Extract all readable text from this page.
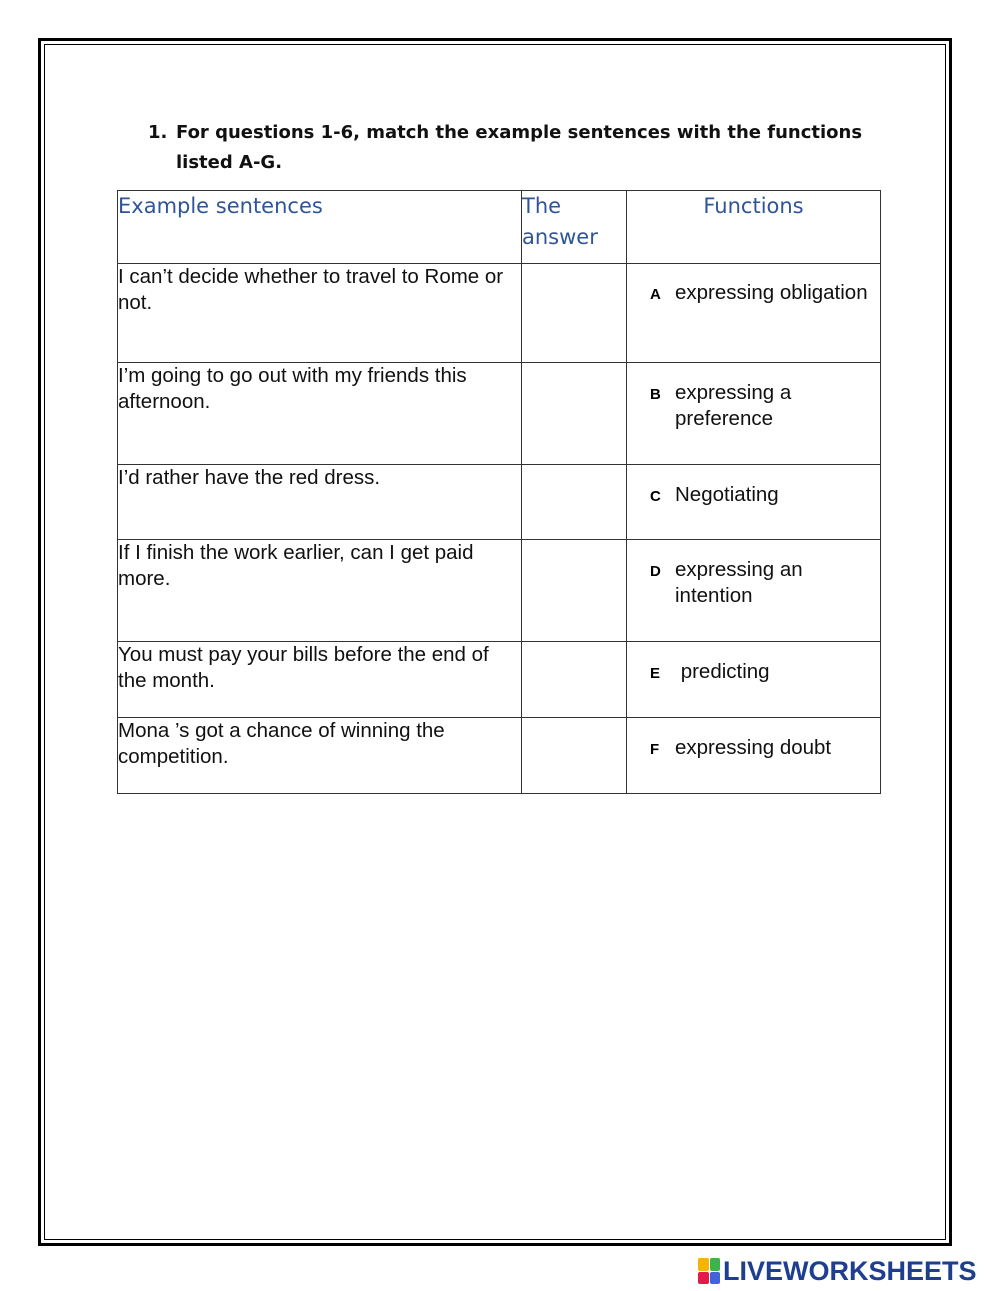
1. For questions 1-6, match the example sentences with the functions listed A-G.
Example sentences	The answer	Functions
I can’t decide whether to travel to Rome or not.		A expressing obligation

I’m going to go out with my friends this afternoon.		B expressing a preference

I’d rather have the red dress.		C Negotiating

If I finish the work earlier, can I get paid more.		D expressing an intention

You must pay your bills before the end of the month.		E predicting

Mona ’s got a chance of winning the competition.		F expressing doubt
LIVEWORKSHEETS
